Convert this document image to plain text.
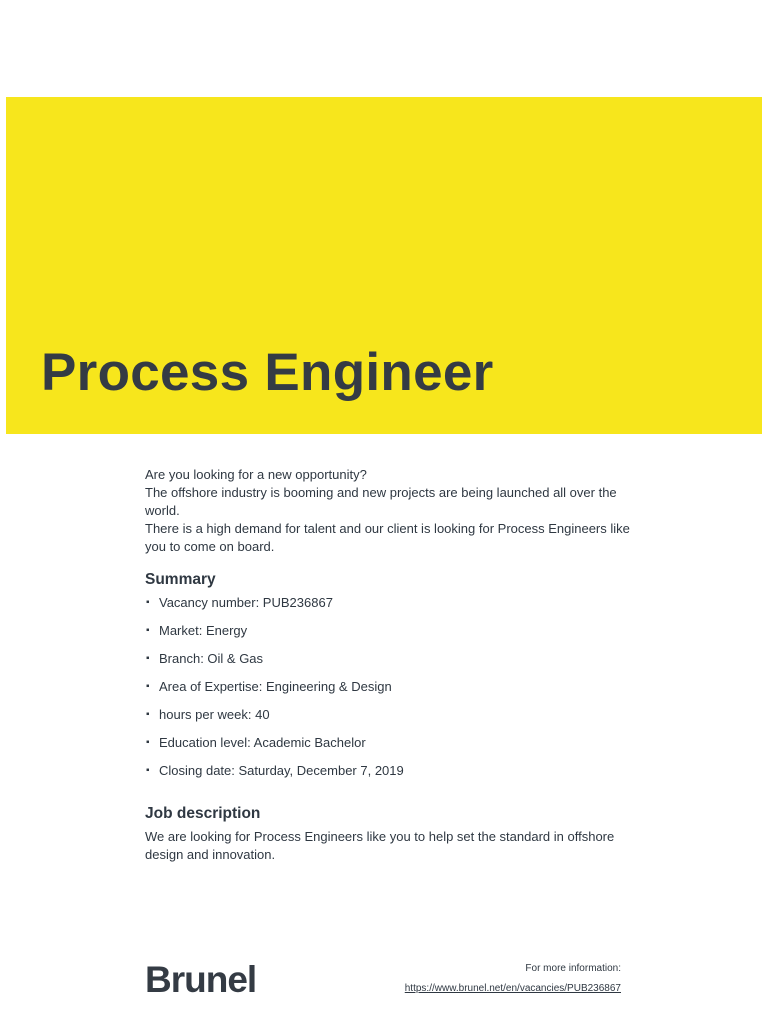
Process Engineer

Are you looking for a new opportunity?

The offshore industry is booming and new projects are being launched all over the world.

There is a high demand for talent and our client is looking for Process Engineers like you to come on board.

Summary
▪ Vacancy number: PUB236867
▪ Market: Energy
▪ Branch: Oil & Gas
▪ Area of Expertise: Engineering & Design
▪ hours per week: 40
▪ Education level: Academic Bachelor
▪ Closing date: Saturday, December 7, 2019
Job description

We are looking for Process Engineers like you to help set the standard in offshore design and innovation.

Brunel	For more information:
https://www.brunel.net/en/vacancies/PUB236867
